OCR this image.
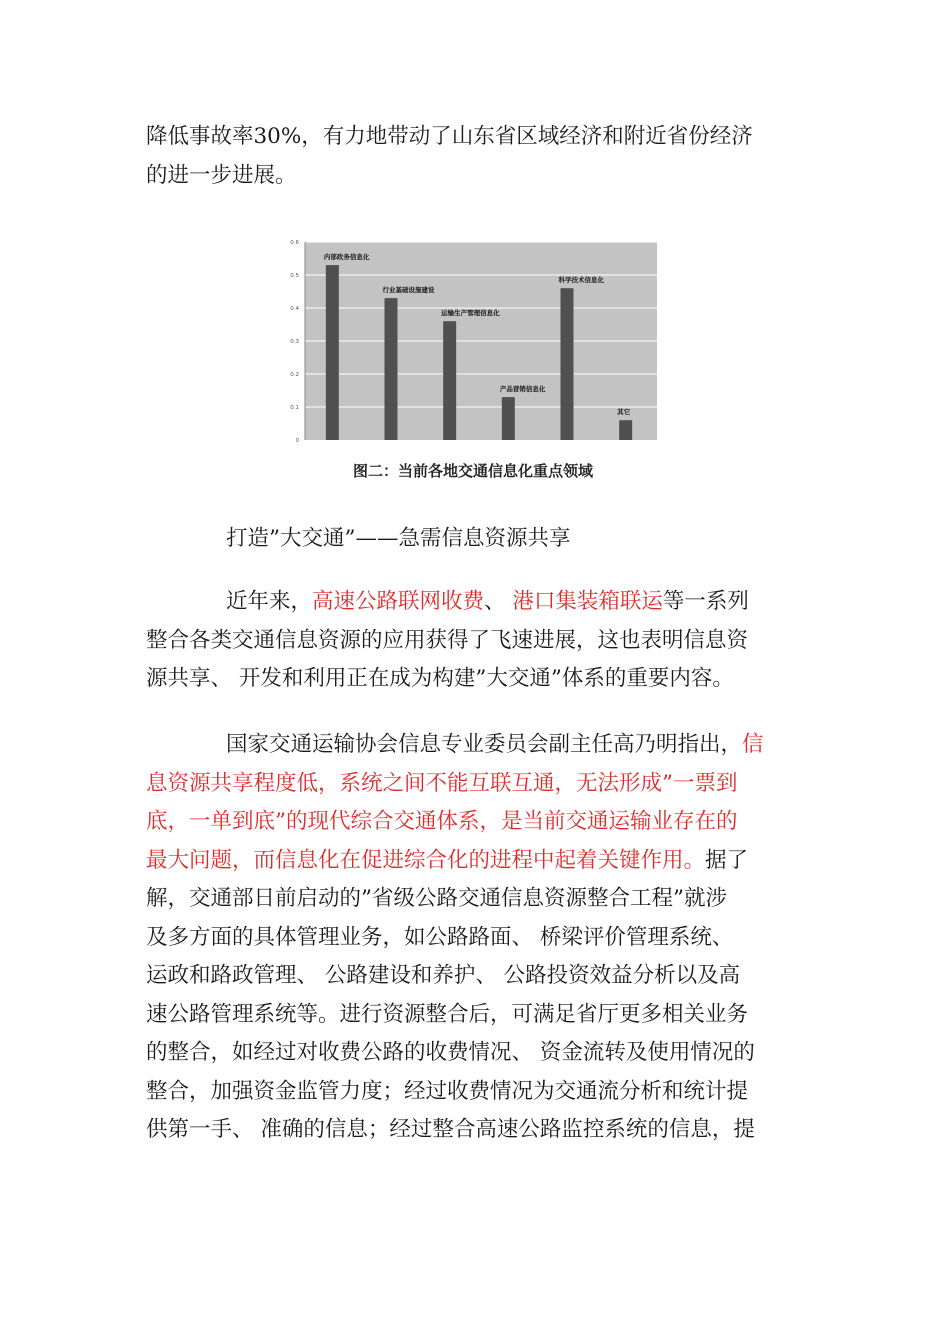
降低事故率30%，有力地带动了山东省区域经济和附近省份经济
的进一步进展。

0
0.1
0.2
0.3
0.4
0.5
0.6
内部政务信息化
行业基础设施建设
运输生产管理信息化
产品营销信息化
科学技术信息化
其它
图二：当前各地交通信息化重点领域
打造”大交通”——急需信息资源共享

近年来，高速公路联网收费、 港口集装箱联运等一系列
整合各类交通信息资源的应用获得了飞速进展，这也表明信息资
源共享、 开发和利用正在成为构建”大交通”体系的重要内容。

国家交通运输协会信息专业委员会副主任高乃明指出，信
息资源共享程度低，系统之间不能互联互通，无法形成”一票到
底，一单到底”的现代综合交通体系，是当前交通运输业存在的
最大问题，而信息化在促进综合化的进程中起着关键作用。据了
解，交通部日前启动的”省级公路交通信息资源整合工程”就涉
及多方面的具体管理业务，如公路路面、 桥梁评价管理系统、
运政和路政管理、 公路建设和养护、 公路投资效益分析以及高
速公路管理系统等。进行资源整合后，可满足省厅更多相关业务
的整合，如经过对收费公路的收费情况、 资金流转及使用情况的
整合，加强资金监管力度；经过收费情况为交通流分析和统计提
供第一手、 准确的信息；经过整合高速公路监控系统的信息，提
